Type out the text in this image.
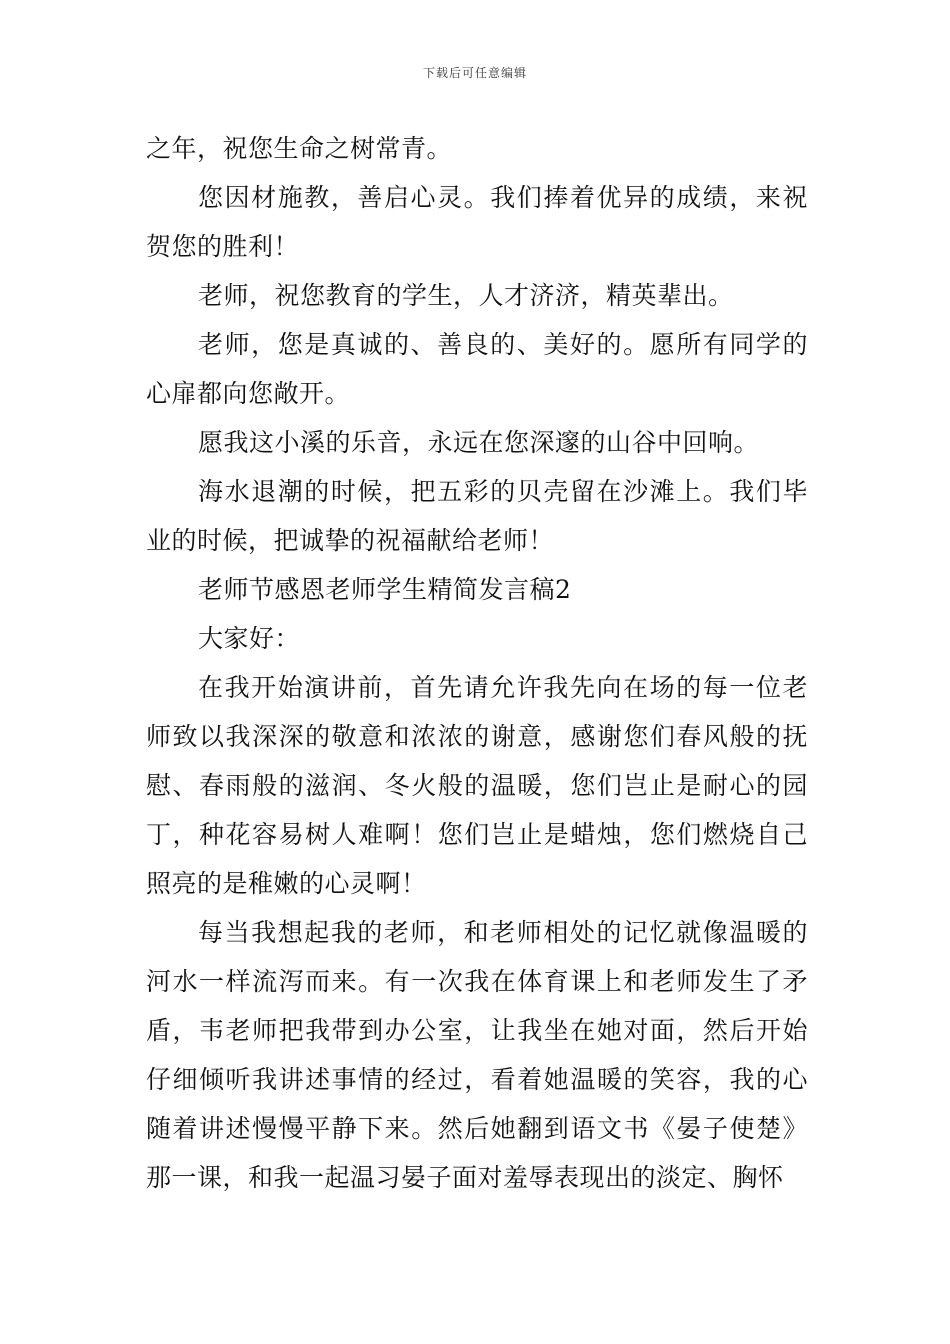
下载后可任意编辑

之年，祝您生命之树常青。

您因材施教，善启心灵。我们捧着优异的成绩，来祝贺您的胜利！

老师，祝您教育的学生，人才济济，精英辈出。

老师，您是真诚的、善良的、美好的。愿所有同学的心扉都向您敞开。

愿我这小溪的乐音，永远在您深邃的山谷中回响。

海水退潮的时候，把五彩的贝壳留在沙滩上。我们毕业的时候，把诚挚的祝福献给老师！

老师节感恩老师学生精简发言稿2

大家好：

在我开始演讲前，首先请允许我先向在场的每一位老师致以我深深的敬意和浓浓的谢意，感谢您们春风般的抚慰、春雨般的滋润、冬火般的温暖，您们岂止是耐心的园丁，种花容易树人难啊！您们岂止是蜡烛，您们燃烧自己照亮的是稚嫩的心灵啊！

每当我想起我的老师，和老师相处的记忆就像温暖的河水一样流泻而来。有一次我在体育课上和老师发生了矛盾，韦老师把我带到办公室，让我坐在她对面，然后开始仔细倾听我讲述事情的经过，看着她温暖的笑容，我的心随着讲述慢慢平静下来。然后她翻到语文书《晏子使楚》那一课，和我一起温习晏子面对羞辱表现出的淡定、胸怀
